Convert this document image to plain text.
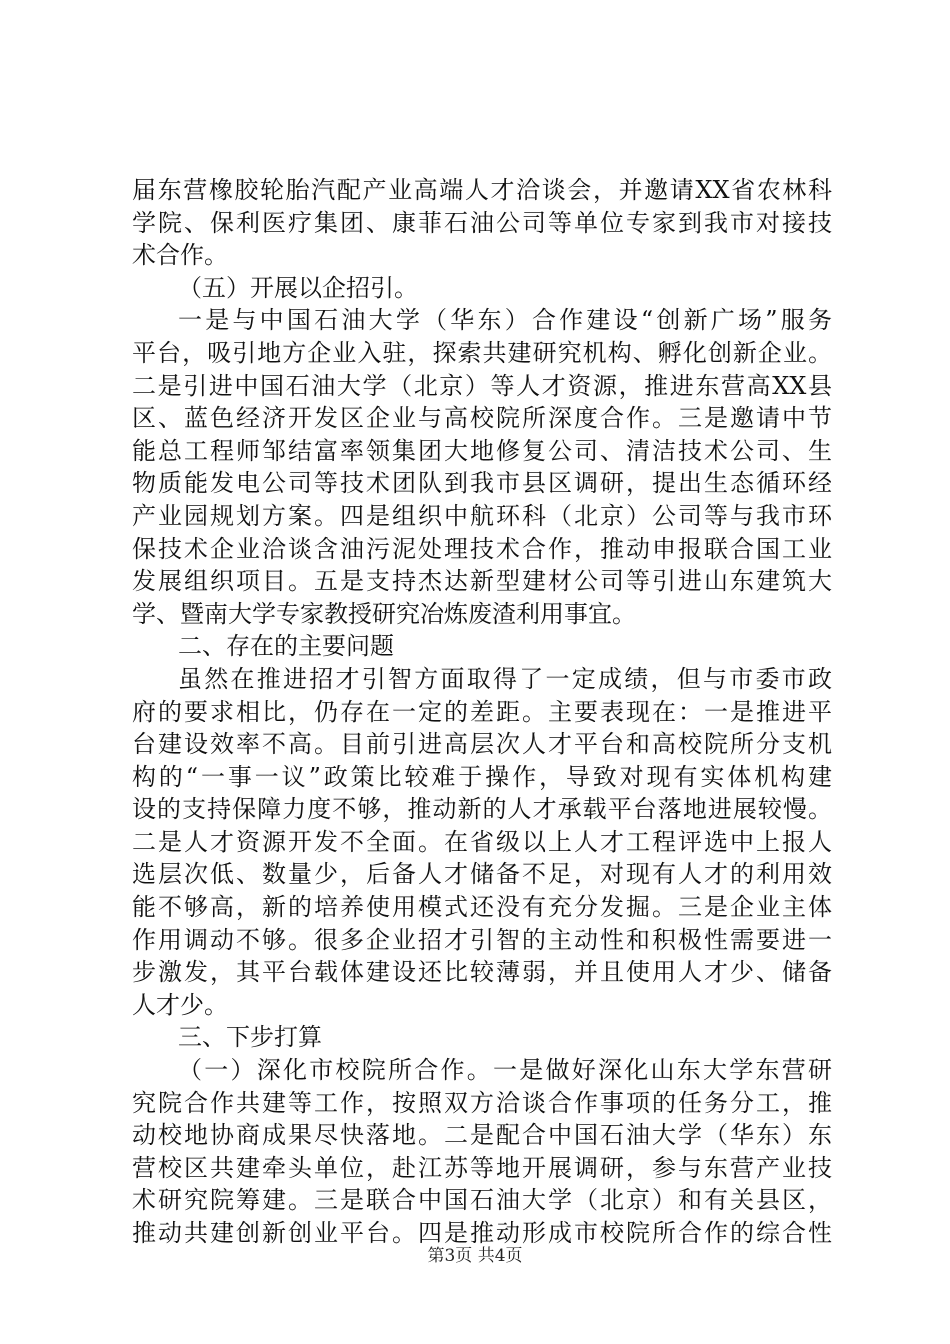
届东营橡胶轮胎汽配产业高端人才洽谈会，并邀请XX省农林科
学院、保利医疗集团、康菲石油公司等单位专家到我市对接技
术合作。
（五）开展以企招引。
一是与中国石油大学（华东）合作建设“创新广场”服务
平台，吸引地方企业入驻，探索共建研究机构、孵化创新企业。
二是引进中国石油大学（北京）等人才资源，推进东营高XX县
区、蓝色经济开发区企业与高校院所深度合作。三是邀请中节
能总工程师邹结富率领集团大地修复公司、清洁技术公司、生
物质能发电公司等技术团队到我市县区调研，提出生态循环经
产业园规划方案。四是组织中航环科（北京）公司等与我市环
保技术企业洽谈含油污泥处理技术合作，推动申报联合国工业
发展组织项目。五是支持杰达新型建材公司等引进山东建筑大
学、暨南大学专家教授研究冶炼废渣利用事宜。
二、存在的主要问题
虽然在推进招才引智方面取得了一定成绩，但与市委市政
府的要求相比，仍存在一定的差距。主要表现在：一是推进平
台建设效率不高。目前引进高层次人才平台和高校院所分支机
构的“一事一议”政策比较难于操作，导致对现有实体机构建
设的支持保障力度不够，推动新的人才承载平台落地进展较慢。
二是人才资源开发不全面。在省级以上人才工程评选中上报人
选层次低、数量少，后备人才储备不足，对现有人才的利用效
能不够高，新的培养使用模式还没有充分发掘。三是企业主体
作用调动不够。很多企业招才引智的主动性和积极性需要进一
步激发，其平台载体建设还比较薄弱，并且使用人才少、储备
人才少。
三、下步打算
（一）深化市校院所合作。一是做好深化山东大学东营研
究院合作共建等工作，按照双方洽谈合作事项的任务分工，推
动校地协商成果尽快落地。二是配合中国石油大学（华东）东
营校区共建牵头单位，赴江苏等地开展调研，参与东营产业技
术研究院筹建。三是联合中国石油大学（北京）和有关县区，
推动共建创新创业平台。四是推动形成市校院所合作的综合性
第3页 共4页
